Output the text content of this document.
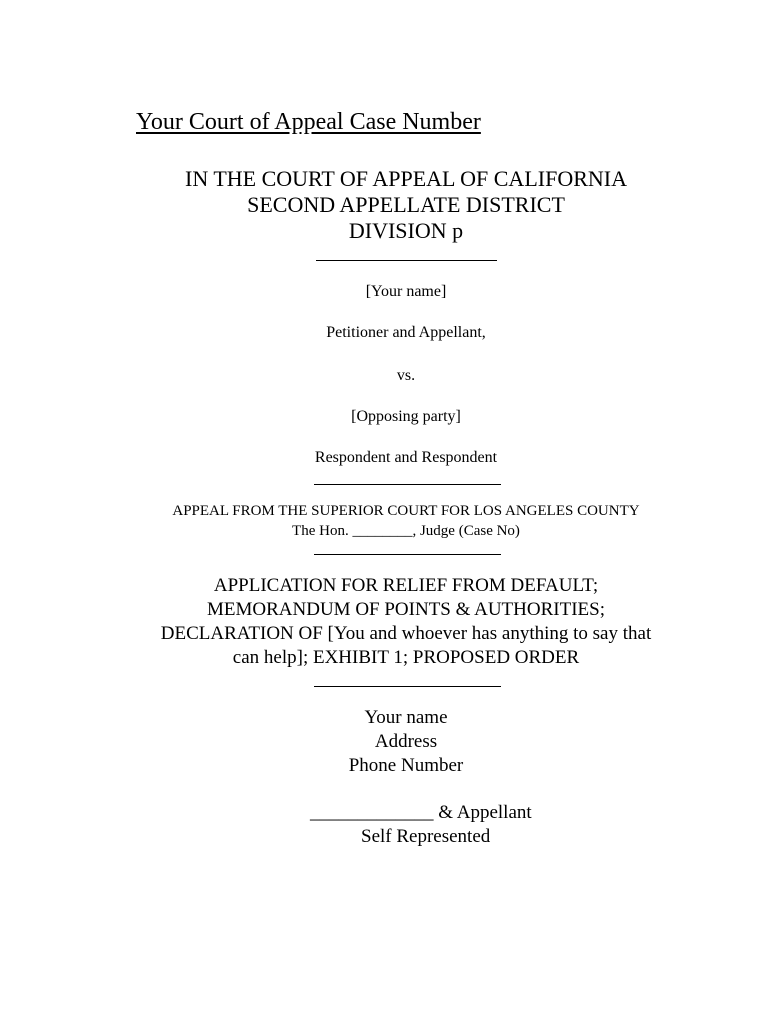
Your Court of Appeal Case Number
IN THE COURT OF APPEAL OF CALIFORNIA
SECOND APPELLATE DISTRICT
DIVISION p
[Your name]
Petitioner and Appellant,
vs.
[Opposing party]
Respondent and Respondent
APPEAL FROM THE SUPERIOR COURT FOR LOS ANGELES COUNTY
The Hon. ________, Judge (Case No)
APPLICATION FOR RELIEF FROM DEFAULT;
MEMORANDUM OF POINTS & AUTHORITIES;
DECLARATION OF [You and whoever has anything to say that
can help]; EXHIBIT 1; PROPOSED ORDER
Your name
Address
Phone Number
_____________ & Appellant
Self Represented
